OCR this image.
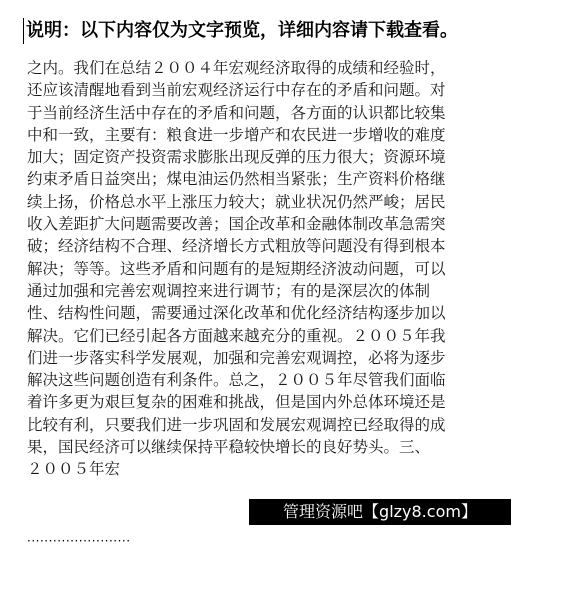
说明：以下内容仅为文字预览，详细内容请下载查看。
之内。我们在总结２００４年宏观经济取得的成绩和经验时，
还应该清醒地看到当前宏观经济运行中存在的矛盾和问题。对
于当前经济生活中存在的矛盾和问题，各方面的认识都比较集
中和一致，主要有：粮食进一步增产和农民进一步增收的难度
加大；固定资产投资需求膨胀出现反弹的压力很大；资源环境
约束矛盾日益突出；煤电油运仍然相当紧张；生产资料价格继
续上扬，价格总水平上涨压力较大；就业状况仍然严峻；居民
收入差距扩大问题需要改善；国企改革和金融体制改革急需突
破；经济结构不合理、经济增长方式粗放等问题没有得到根本
解决；等等。这些矛盾和问题有的是短期经济波动问题，可以
通过加强和完善宏观调控来进行调节；有的是深层次的体制
性、结构性问题，需要通过深化改革和优化经济结构逐步加以
解决。它们已经引起各方面越来越充分的重视。２００５年我
们进一步落实科学发展观，加强和完善宏观调控，必将为逐步
解决这些问题创造有利条件。总之，２００５年尽管我们面临
着许多更为艰巨复杂的困难和挑战，但是国内外总体环境还是
比较有利，只要我们进一步巩固和发展宏观调控已经取得的成
果，国民经济可以继续保持平稳较快增长的良好势头。三、
２００５年宏
························
管理资源吧【glzy8.com】
